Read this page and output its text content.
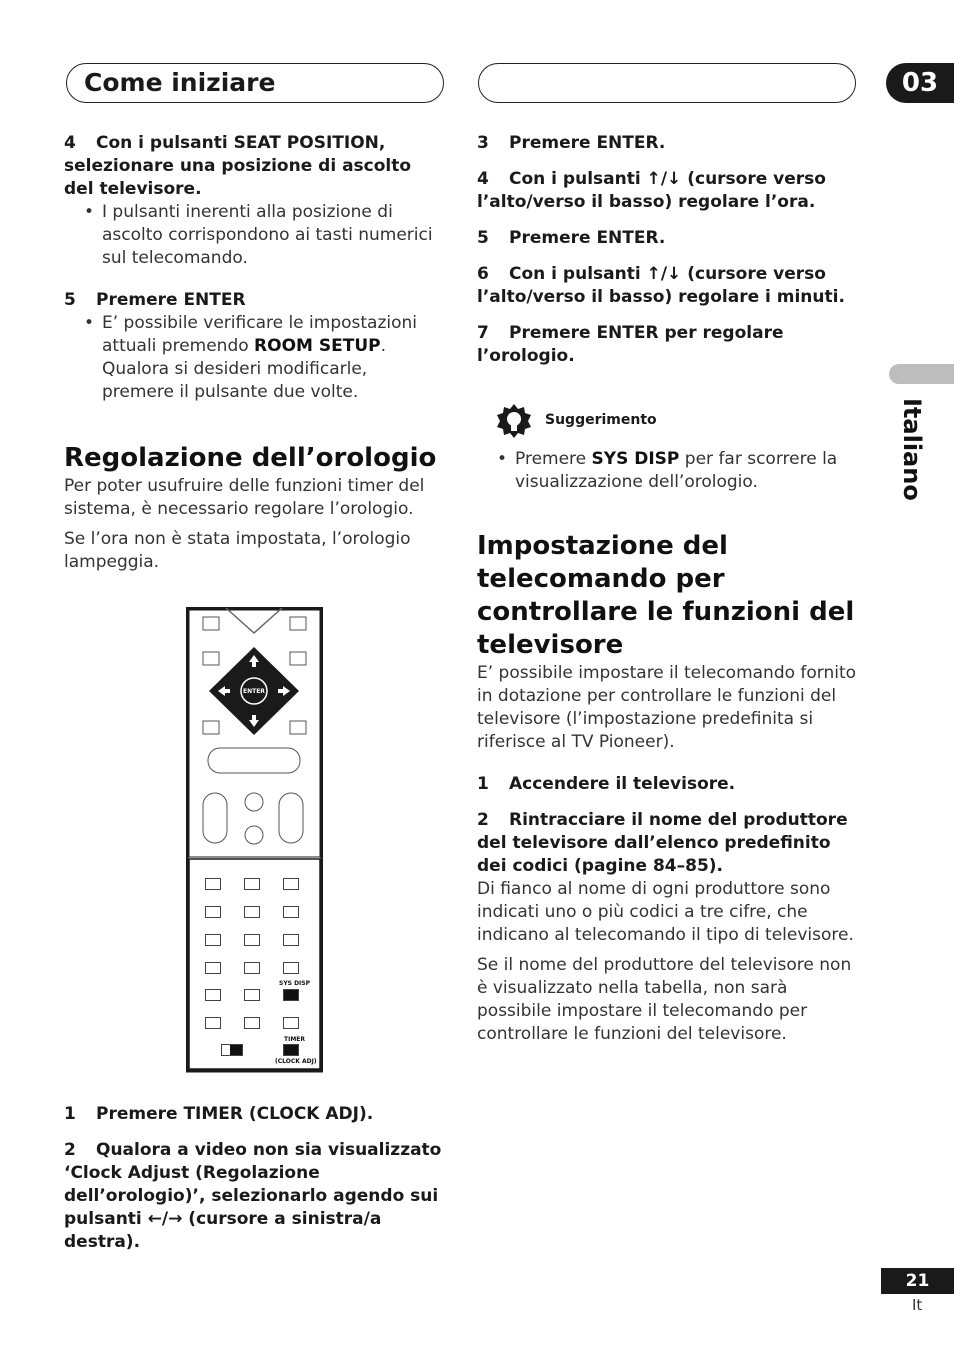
Come iniziare	03
Italiano
4 Con i pulsanti SEAT POSITION, selezionare una posizione di ascolto del televisore.
• I pulsanti inerenti alla posizione di ascolto corrispondono ai tasti numerici sul telecomando.
5 Premere ENTER
• E’ possibile verificare le impostazioni attuali premendo ROOM SETUP. Qualora si desideri modificarle, premere il pulsante due volte.
Regolazione dell’orologio
Per poter usufruire delle funzioni timer del sistema, è necessario regolare l’orologio.
Se l’ora non è stata impostata, l’orologio lampeggia.
ENTER
SYS DISP
TIMER
(CLOCK ADJ)
1 Premere TIMER (CLOCK ADJ).
2 Qualora a video non sia visualizzato ‘Clock Adjust (Regolazione dell’orologio)’, selezionarlo agendo sui pulsanti ←/→ (cursore a sinistra/a destra).
3 Premere ENTER.
4 Con i pulsanti ↑/↓ (cursore verso l’alto/verso il basso) regolare l’ora.
5 Premere ENTER.
6 Con i pulsanti ↑/↓ (cursore verso l’alto/verso il basso) regolare i minuti.
7 Premere ENTER per regolare l’orologio.
Suggerimento
• Premere SYS DISP per far scorrere la visualizzazione dell’orologio.
Impostazione del telecomando per controllare le funzioni del televisore
E’ possibile impostare il telecomando fornito in dotazione per controllare le funzioni del televisore (l’impostazione predefinita si riferisce al TV Pioneer).
1 Accendere il televisore.
2 Rintracciare il nome del produttore del televisore dall’elenco predefinito dei codici (pagine 84–85).
Di fianco al nome di ogni produttore sono indicati uno o più codici a tre cifre, che indicano al telecomando il tipo di televisore.
Se il nome del produttore del televisore non è visualizzato nella tabella, non sarà possibile impostare il telecomando per controllare le funzioni del televisore.
21
It
